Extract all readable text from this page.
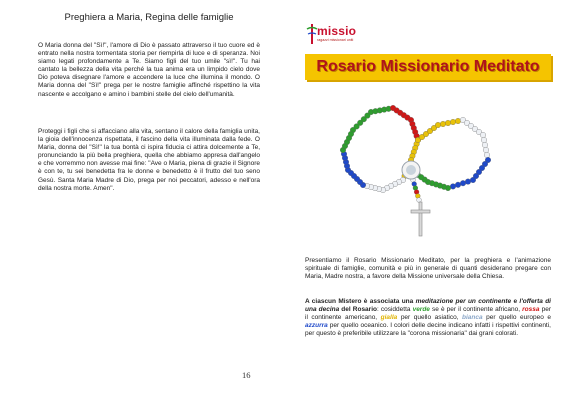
Preghiera a Maria, Regina delle famiglie

O Maria donna del "Sì!", l'amore di Dio è passato attraverso il tuo cuore ed è entrato nella nostra tormentata storia per riempirla di luce e di speranza. Noi siamo legati profondamente a Te. Siamo figli del tuo umile "sì!". Tu hai cantato la bellezza della vita perché la tua anima era un limpido cielo dove Dio poteva disegnare l'amore e accendere la luce che illumina il mondo. O Maria donna del "Sì!" prega per le nostre famiglie affinché rispettino la vita nascente e accolgano e amino i bambini stelle del cielo dell'umanità.

Proteggi i figli che si affacciano alla vita, sentano il calore della famiglia unita, la gioia dell'innocenza rispettata, il fascino della vita illuminata dalla fede. O Maria, donna del "Sì!" la tua bontà ci ispira fiducia ci attira dolcemente a Te, pronunciando la più bella preghiera, quella che abbiamo appresa dall'angelo e che vorremmo non avesse mai fine: "Ave o Maria, piena di grazie il Signore è con te, tu sei benedetta fra le donne e benedetto è il frutto del tuo seno Gesù. Santa Maria Madre di Dio, prega per noi peccatori, adesso e nell'ora della nostra morte. Amen".

16
missio
ragazzi missionari uniti
Rosario Missionario Meditato

Presentiamo il Rosario Missionario Meditato, per la preghiera e l'animazione spirituale di famiglie, comunità e più in generale di quanti desiderano pregare con Maria, Madre nostra, a favore della Missione universale della Chiesa.

A ciascun Mistero è associata una meditazione per un continente e l'offerta di una decina del Rosario: cosiddetta verde se è per il continente africano, rossa per il continente americano, gialla per quello asiatico, bianca per quello europeo e azzurra per quello oceanico. I colori delle decine indicano infatti i rispettivi continenti, per questo è preferibile utilizzare la "corona missionaria" dai grani colorati.
